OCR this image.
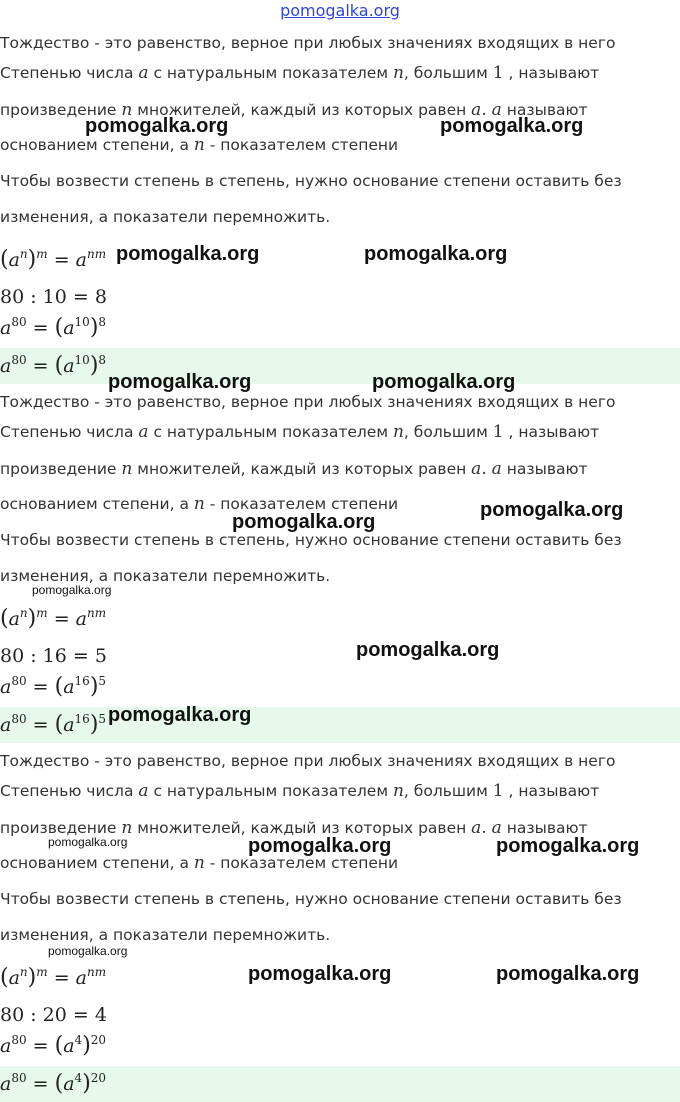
pomogalka.org
Тождество - это равенство, верное при любых значениях входящих в него
Степенью числа a с натуральным показателем n, большим 1 , называют
произведение n множителей, каждый из которых равен a. a называют
основанием степени, а n - показателем степени
Чтобы возвести степень в степень, нужно основание степени оставить без
изменения, а показатели перемножить.
$(a^n)^m = a^{nm}$
80 : 10 = 8
$a^{80} = (a^{10})^8$
$a^{80} = (a^{10})^8$
Тождество - это равенство, верное при любых значениях входящих в него
Степенью числа a с натуральным показателем n, большим 1 , называют
произведение n множителей, каждый из которых равен a. a называют
основанием степени, а n - показателем степени
Чтобы возвести степень в степень, нужно основание степени оставить без
изменения, а показатели перемножить.
$(a^n)^m = a^{nm}$
80 : 16 = 5
$a^{80} = (a^{16})^5$
$a^{80} = (a^{16})^5$
Тождество - это равенство, верное при любых значениях входящих в него
Степенью числа a с натуральным показателем n, большим 1 , называют
произведение n множителей, каждый из которых равен a. a называют
основанием степени, а n - показателем степени
Чтобы возвести степень в степень, нужно основание степени оставить без
изменения, а показатели перемножить.
$(a^n)^m = a^{nm}$
80 : 20 = 4
$a^{80} = (a^4)^{20}$
$a^{80} = (a^4)^{20}$
pomogalka.org	pomogalka.org
pomogalka.org	pomogalka.org
pomogalka.org	pomogalka.org
pomogalka.org
pomogalka.org
pomogalka.org
pomogalka.org
pomogalka.org	pomogalka.org
pomogalka.org	pomogalka.org
pomogalka.org
pomogalka.org
pomogalka.org
